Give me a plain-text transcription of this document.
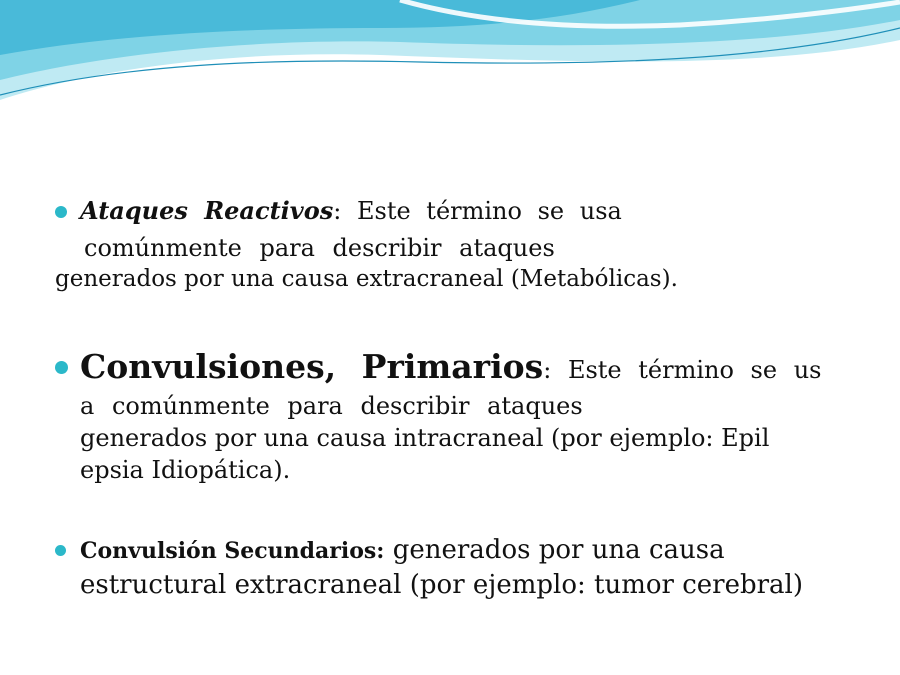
Ataques Reactivos: Este término se usa
comúnmente para describir ataques
generados por una causa extracraneal (Metabólicas).
Convulsiones, Primarios: Este término se us
a comúnmente para describir ataques
generados por una causa intracraneal (por ejemplo: Epil
epsia Idiopática).
Convulsión Secundarios: generados por una causa
estructural extracraneal (por ejemplo: tumor cerebral)
